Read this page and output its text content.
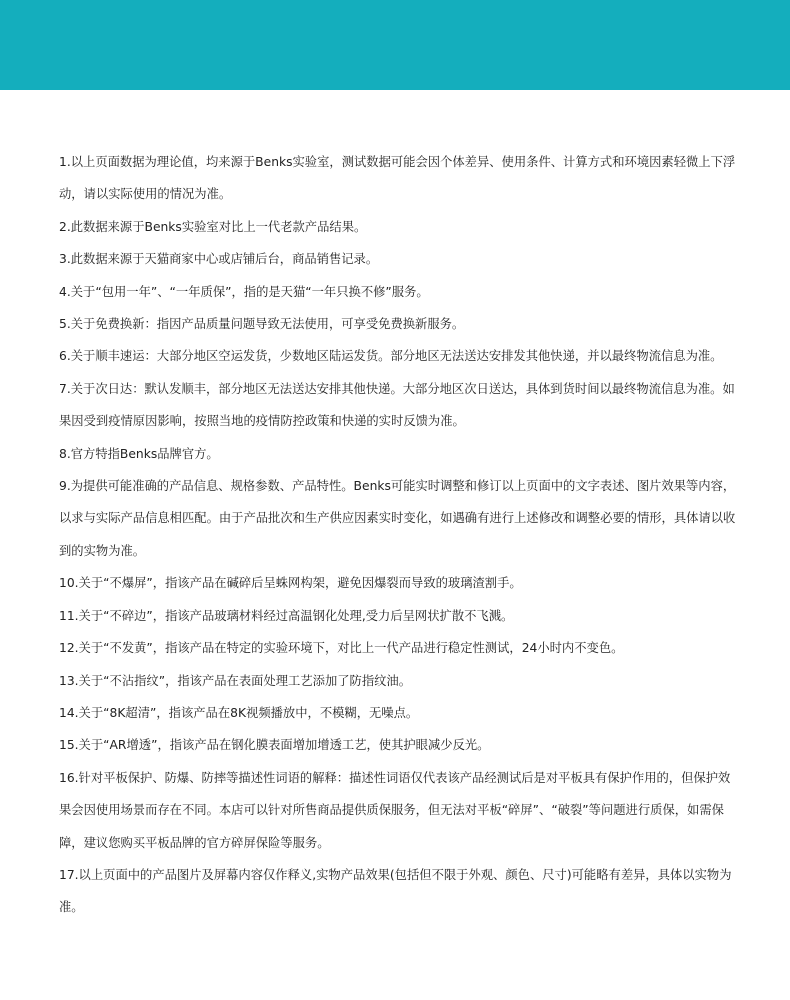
1.以上页面数据为理论值，均来源于Benks实验室，测试数据可能会因个体差异、使用条件、计算方式和环境因素轻微上下浮动，请以实际使用的情况为准。
2.此数据来源于Benks实验室对比上一代老款产品结果。
3.此数据来源于天猫商家中心或店铺后台，商品销售记录。
4.关于“包用一年”、“一年质保”，指的是天猫“一年只换不修”服务。
5.关于免费换新：指因产品质量问题导致无法使用，可享受免费换新服务。
6.关于顺丰速运：大部分地区空运发货，少数地区陆运发货。部分地区无法送达安排发其他快递，并以最终物流信息为准。
7.关于次日达：默认发顺丰，部分地区无法送达安排其他快递。大部分地区次日送达，具体到货时间以最终物流信息为准。如果因受到疫情原因影响，按照当地的疫情防控政策和快递的实时反馈为准。
8.官方特指Benks品牌官方。
9.为提供可能准确的产品信息、规格参数、产品特性。Benks可能实时调整和修订以上页面中的文字表述、图片效果等内容，以求与实际产品信息相匹配。由于产品批次和生产供应因素实时变化，如遇确有进行上述修改和调整必要的情形，具体请以收到的实物为准。
10.关于“不爆屏”，指该产品在碱碎后呈蛛网构架，避免因爆裂而导致的玻璃渣割手。
11.关于“不碎边”，指该产品玻璃材料经过高温钢化处理,受力后呈网状扩散不飞溅。
12.关于“不发黄”，指该产品在特定的实验环境下，对比上一代产品进行稳定性测试，24小时内不变色。
13.关于“不沾指纹”，指该产品在表面处理工艺添加了防指纹油。
14.关于“8K超清”，指该产品在8K视频播放中，不模糊，无噪点。
15.关于“AR增透”，指该产品在钢化膜表面增加增透工艺，使其护眼减少反光。
16.针对平板保护、防爆、防摔等描述性词语的解释：描述性词语仅代表该产品经测试后是对平板具有保护作用的，但保护效果会因使用场景而存在不同。本店可以针对所售商品提供质保服务，但无法对平板“碎屏”、“破裂”等问题进行质保，如需保障，建议您购买平板品牌的官方碎屏保险等服务。
17.以上页面中的产品图片及屏幕内容仅作释义,实物产品效果(包括但不限于外观、颜色、尺寸)可能略有差异，具体以实物为准。
